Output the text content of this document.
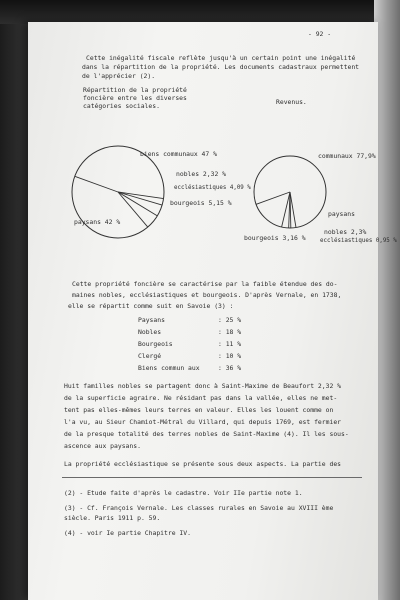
- 92 -
Cette inégalité fiscale reflète jusqu'à un certain point une inégalité
dans la répartition de la propriété. Les documents cadastraux permettent
de l'apprécier (2).
Répartition de la propriété
foncière entre les diverses
catégories sociales.	Revenus.
biens communaux 47 %
nobles 2,32 %
ecclésiastiques 4,09 %
bourgeois 5,15 %
paysans 42 %
communaux 77,9%
nobles 2,3%
ecclésiastiques 0,95 %
bourgeois 3,16 %
paysans
Cette propriété foncière se caractérise par la faible étendue des do-
maines nobles, ecclésiastiques et bourgeois. D'après Vernale, en 1738,
elle se répartit comme suit en Savoie (3) :
Paysans	: 25 %
Nobles	: 18 %
Bourgeois	: 11 %
Clergé	: 10 %
Biens commun aux	: 36 %
Huit familles nobles se partagent donc à Saint-Maxime de Beaufort 2,32 %
de la superficie agraire. Ne résidant pas dans la vallée, elles ne met-
tent pas elles-mêmes leurs terres en valeur. Elles les louent comme on
l'a vu, au Sieur Chamiot-Métral du Villard, qui depuis 1769, est fermier
de la presque totalité des terres nobles de Saint-Maxime (4). Il les sous-
ascence aux paysans.
La propriété ecclésiastique se présente sous deux aspects. La partie des
(2) - Etude faite d'après le cadastre. Voir IIe partie note 1.
(3) - Cf. François Vernale. Les classes rurales en Savoie au XVIII ème
siècle. Paris 1911 p. 59.
(4) - voir Ie partie Chapitre IV.
